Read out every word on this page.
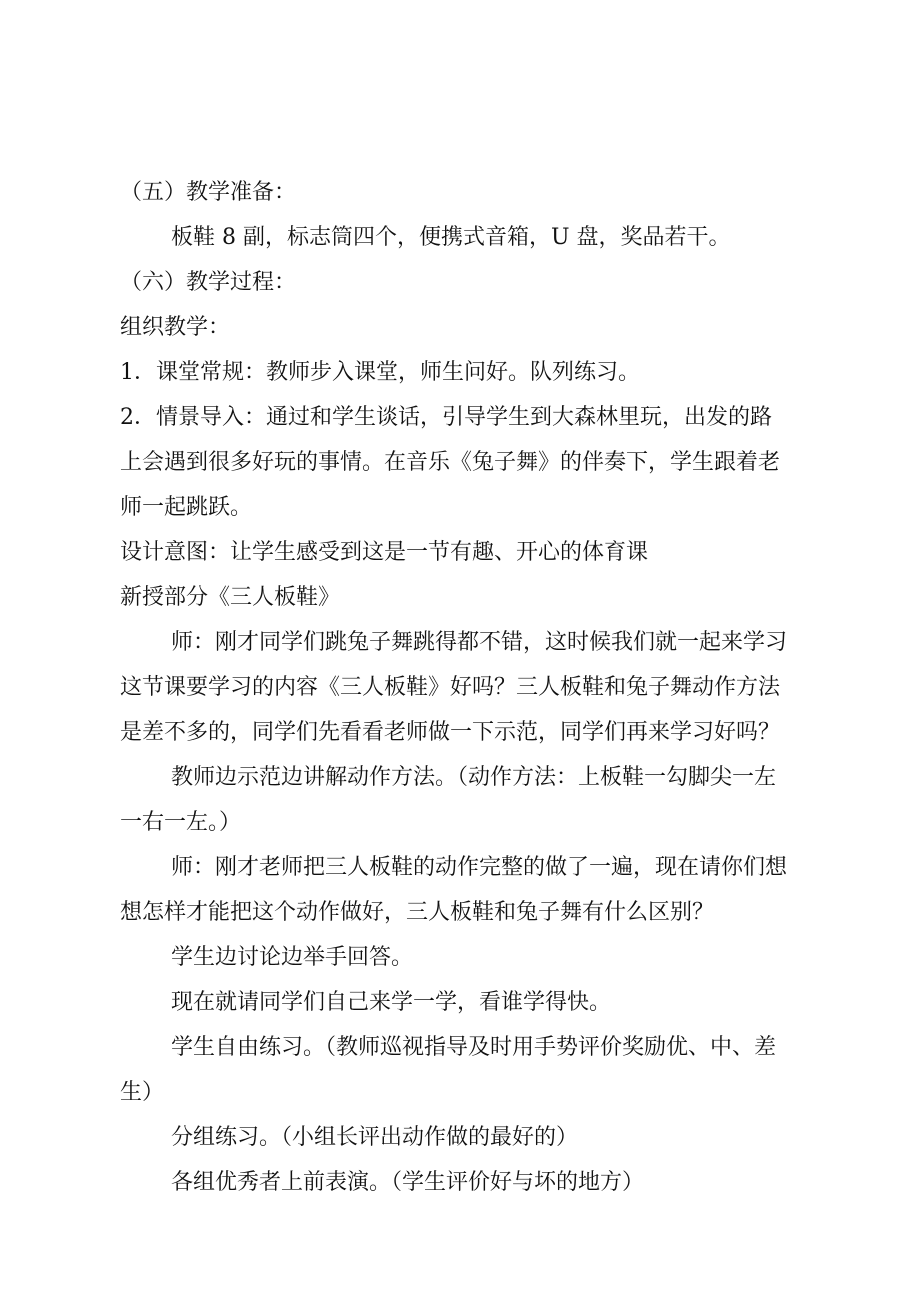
（五）教学准备：
板鞋 8 副，标志筒四个，便携式音箱，U 盘，奖品若干。
（六）教学过程：
组织教学：
1．课堂常规：教师步入课堂，师生问好。队列练习。
2．情景导入：通过和学生谈话，引导学生到大森林里玩，出发的路
上会遇到很多好玩的事情。在音乐《兔子舞》的伴奏下，学生跟着老
师一起跳跃。
设计意图：让学生感受到这是一节有趣、开心的体育课
新授部分《三人板鞋》
师：刚才同学们跳兔子舞跳得都不错，这时候我们就一起来学习
这节课要学习的内容《三人板鞋》好吗？三人板鞋和兔子舞动作方法
是差不多的，同学们先看看老师做一下示范，同学们再来学习好吗？
教师边示范边讲解动作方法。（动作方法：上板鞋一勾脚尖一左
一右一左。）
师：刚才老师把三人板鞋的动作完整的做了一遍，现在请你们想
想怎样才能把这个动作做好，三人板鞋和兔子舞有什么区别？
学生边讨论边举手回答。
现在就请同学们自己来学一学，看谁学得快。
学生自由练习。（教师巡视指导及时用手势评价奖励优、中、差
生）
分组练习。（小组长评出动作做的最好的）
各组优秀者上前表演。（学生评价好与坏的地方）
